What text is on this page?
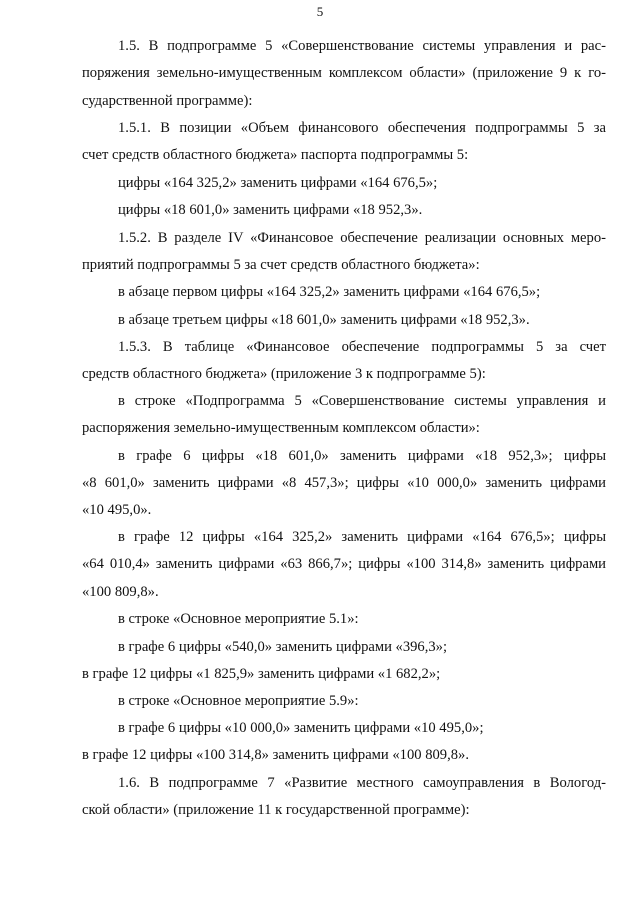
5
1.5. В подпрограмме 5 «Совершенствование системы управления и рас-
поряжения земельно-имущественным комплексом области» (приложение 9 к го-
сударственной программе):
1.5.1. В позиции «Объем финансового обеспечения подпрограммы 5 за
счет средств областного бюджета» паспорта подпрограммы 5:
цифры «164 325,2» заменить цифрами «164 676,5»;
цифры «18 601,0» заменить цифрами «18 952,3».
1.5.2. В разделе IV «Финансовое обеспечение реализации основных меро-
приятий подпрограммы 5 за счет средств областного бюджета»:
в абзаце первом цифры «164 325,2» заменить цифрами «164 676,5»;
в абзаце третьем цифры «18 601,0» заменить цифрами «18 952,3».
1.5.3. В таблице «Финансовое обеспечение подпрограммы 5 за счет
средств областного бюджета» (приложение 3 к подпрограмме 5):
в строке «Подпрограмма 5 «Совершенствование системы управления и
распоряжения земельно-имущественным комплексом области»:
в графе 6 цифры «18 601,0» заменить цифрами «18 952,3»; цифры
«8 601,0» заменить цифрами «8 457,3»; цифры «10 000,0» заменить цифрами
«10 495,0».
в графе 12 цифры «164 325,2» заменить цифрами «164 676,5»; цифры
«64 010,4» заменить цифрами «63 866,7»; цифры «100 314,8» заменить цифрами
«100 809,8».
в строке «Основное мероприятие 5.1»:
в графе 6 цифры «540,0» заменить цифрами «396,3»;
в графе 12 цифры «1 825,9» заменить цифрами «1 682,2»;
в строке «Основное мероприятие 5.9»:
в графе 6 цифры «10 000,0» заменить цифрами «10 495,0»;
в графе 12 цифры «100 314,8» заменить цифрами «100 809,8».
1.6. В подпрограмме 7 «Развитие местного самоуправления в Вологод-
ской области» (приложение 11 к государственной программе):
